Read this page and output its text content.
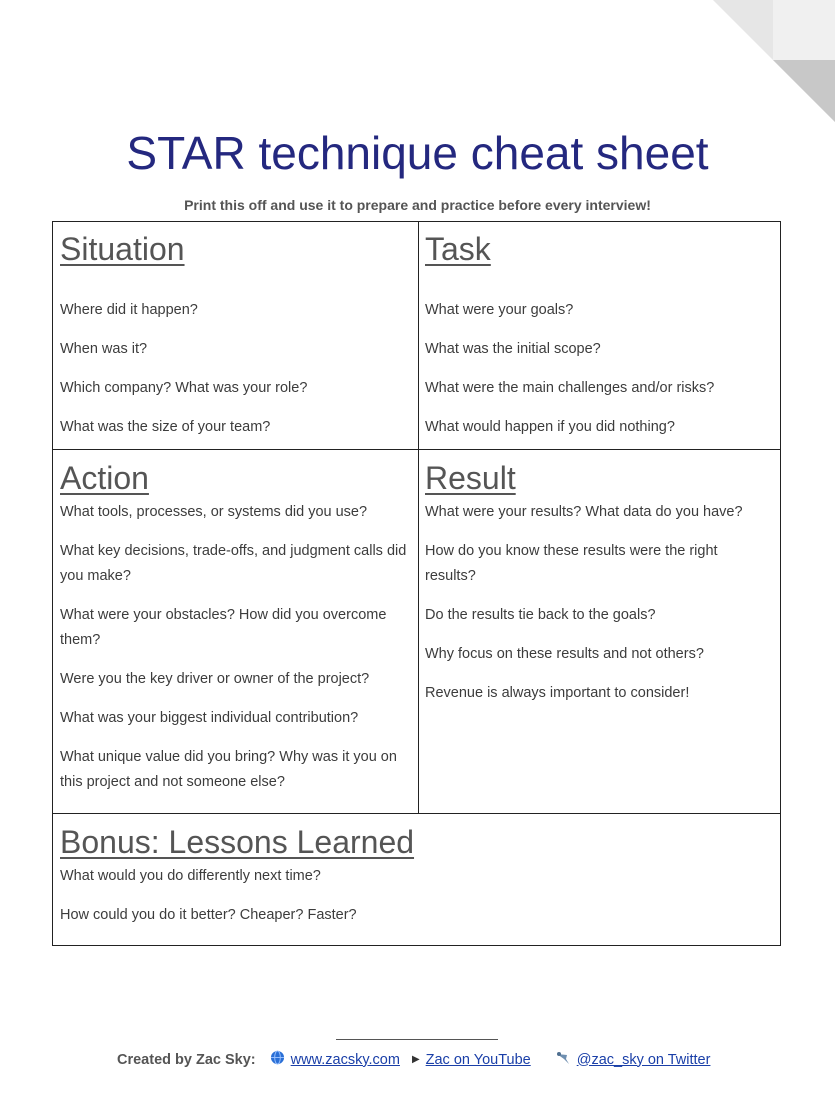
STAR technique cheat sheet

Print this off and use it to prepare and practice before every interview!

Situation
Where did it happen?
When was it?
Which company? What was your role?
What was the size of your team?
Task
What were your goals?
What was the initial scope?
What were the main challenges and/or risks?
What would happen if you did nothing?
Action
What tools, processes, or systems did you use?
What key decisions, trade-offs, and judgment calls did you make?
What were your obstacles? How did you overcome them?
Were you the key driver or owner of the project?
What was your biggest individual contribution?
What unique value did you bring? Why was it you on this project and not someone else?
Result
What were your results? What data do you have?
How do you know these results were the right results?
Do the results tie back to the goals?
Why focus on these results and not others?
Revenue is always important to consider!
Bonus: Lessons Learned
What would you do differently next time?
How could you do it better? Cheaper? Faster?
Created by Zac Sky: www.zacsky.com ▶ Zac on YouTube	@zac_sky on Twitter
